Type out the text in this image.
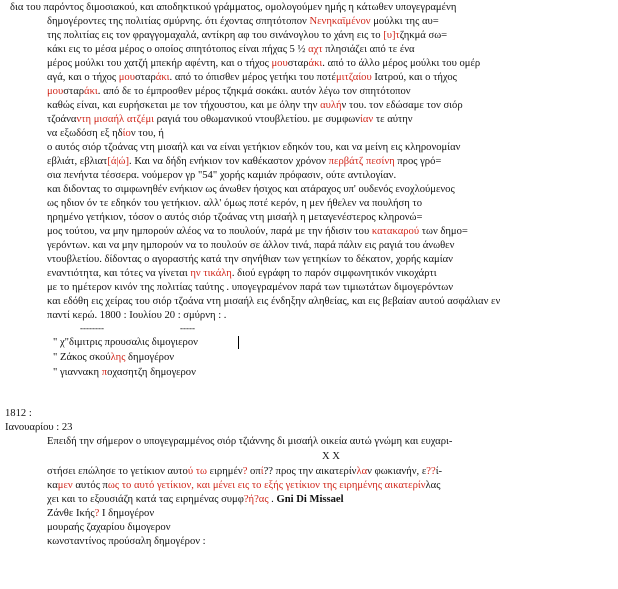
δια του παρόντος διμοσιακού, και αποδηκτικού γράμματος, ομολογούμεν ημής η κάτωθεν υπογεγραμένη
δημογέροντες της πολιτίας σμύρνης. ότι έχοντας σπητότοπον Νενηκαϊμένον μούλκι της αυ=
της πολιτίας εις τον φραγγομαχαλά, αντίκρη αφ του σινάνογλου το χάνη εις το [υ]τζηκμά σω=
κάκι εις το μέσα μέρος ο οποίος σπητότοπος είναι πήχας 5 ½ αχτ πλησιάζει από τε ένα
μέρος μούλκι του χατζή μπεκήρ αφέντη, και ο τήχος μουσταράκι. από το άλλο μέρος μούλκι του ομέρ
αγά, και ο τήχος μουσταράκι. από το όπισθεν μέρος γετήκι του ποτέμιτζαίου Ιατρού, και ο τήχος
μουσταράκι. από δε το έμπροσθεν μέρος τζηκμά σοκάκι. αυτόν λέγω τον σπητότοπον
καθώς είναι, και ευρήσκεται με τον τήχουστου, και με όλην την αυλήν του. τον εδώσαμε τον σιόρ
τζοάναντη μισαήλ ατζέμι ραγιά του οθωμανικού ντουβλετίου. με συμφωνίαν τε αύτην
να εξωδόση εξ ηδίον του, ή
ο αυτός σιόρ τζοάνας ντη μισαήλ και να είναι γετήκιον εδηκόν του, και να μείνη εις κληρονομίαν
εβλιάτ, εβλιατ[ά|ώ]. Και να δήδη ενήκιον τον καθέκαστον χρόνον περβάτζ πεσίνη προς γρό=
σια πενήντα τέσσερα. νούμερον γρ "54" χορής καμιάν πρόφασιν, ούτε αντιλογίαν.
και διδοντας το σιμφωνηθέν ενήκιον ως άνωθεν ήσιχος και ατάραχος υπ' ουδενός ενοχλούμενος
ως ηδιον όν τε εδηκόν του γετήκιον. αλλ' όμως ποτέ κερόν, η μεν ήθελεν να πουλήση το
ηρημένο γετήκιον, τόσον ο αυτός σιόρ τζοάνας ντη μισαήλ η μεταγενέστερος κληρονώ=
μος τούτου, να μην ημπορούν αλέος να το πουλούν, παρά με την ήδισιν του κατακαρού των δημο=
γερόντων. και να μην ημπορούν να το πουλούν σε άλλον τινά, παρά πάλιν εις ραγιά του άνωθεν
ντουβλετίου. δίδοντας ο αγοραστής κατά την σηνήθιαν των γετηκίων το δέκατον, χορής καμίαν
εναντιότητα, και τότες να γίνεται ην τικάλη. διού εγράφη το παρόν σιμφωνητικόν νικοχάρτι
με το ημέτερον κινόν της πολιτίας ταύτης . υπογεγραμένον παρά των τιμιωτάτων διμογερόντων
και εδόθη εις χείρας του σιόρ τζοάνα ντη μισαήλ εις ένδηξην αληθείας, και εις βεβαίαν αυτού ασφάλιαν εν
παντί κερώ. 1800 : Ιουλίου 20 : σμύρνη : .
--------	-----
" χ"διμιτρις προυσαλις διμογιερον
" Ζάκος σκούλης δημογέρον
" γιαννακη ποχασητζη δημογερον
1812 :
Ιανουαρίου : 23
Επειδή την σήμερον ο υπογεγραμμένος σιόρ τζιάννης δι μισαήλ οικεία αυτώ γνώμη και ευχαρι-
X X
στήσει επώλησε το γετίκιον αυτού τω ειρημέν? οπί?? προς την αικατερίνλαν φωκιανήν, ε??ί-
καμεν αυτός πως το αυτό γετίκιον, και μένει εις το εξής γετίκιον της ειρημένης αικατερίνλας
χει και το εξουσιάζη κατά τας ειρημένας συμφ?ή?ας . Gni Di Missael
Ζάνθε Ικής? Ι δημογέρον
μουραής ζαχαρίου διμογερον
κωνσταντίνος προύσαλη δημογέρον :
